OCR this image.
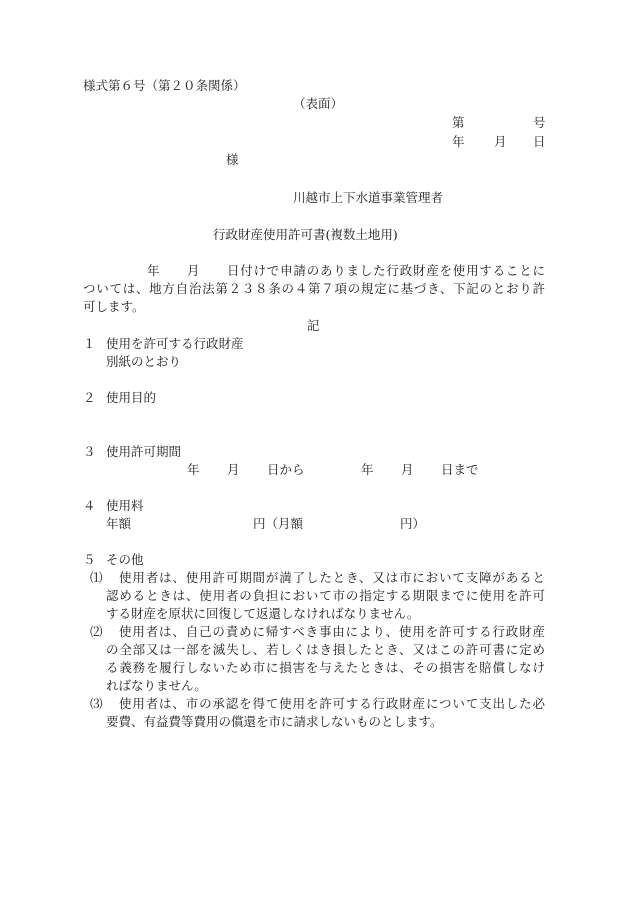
様式第６号（第２０条関係）
（表面）
第	号
年 月 日
様
川越市上下水道事業管理者
行政財産使用許可書(複数土地用)
年 月 日付けで申請のありました行政財産を使用することに
ついては、地方自治法第２３８条の４第７項の規定に基づき、下記のとおり許
可します。
記
１ 使用を許可する行政財産
別紙のとおり
２ 使用目的
３ 使用許可期間
年 月 日から	年 月 日まで
４ 使用料
年額	円（月額	円）
５ その他
⑴ 使用者は、使用許可期間が満了したとき、又は市において支障があると
認めるときは、使用者の負担において市の指定する期限までに使用を許可
する財産を原状に回復して返還しなければなりません。
⑵ 使用者は、自己の責めに帰すべき事由により、使用を許可する行政財産
の全部又は一部を滅失し、若しくはき損したとき、又はこの許可書に定め
る義務を履行しないため市に損害を与えたときは、その損害を賠償しなけ
ればなりません。
⑶ 使用者は、市の承認を得て使用を許可する行政財産について支出した必
要費、有益費等費用の償還を市に請求しないものとします。
